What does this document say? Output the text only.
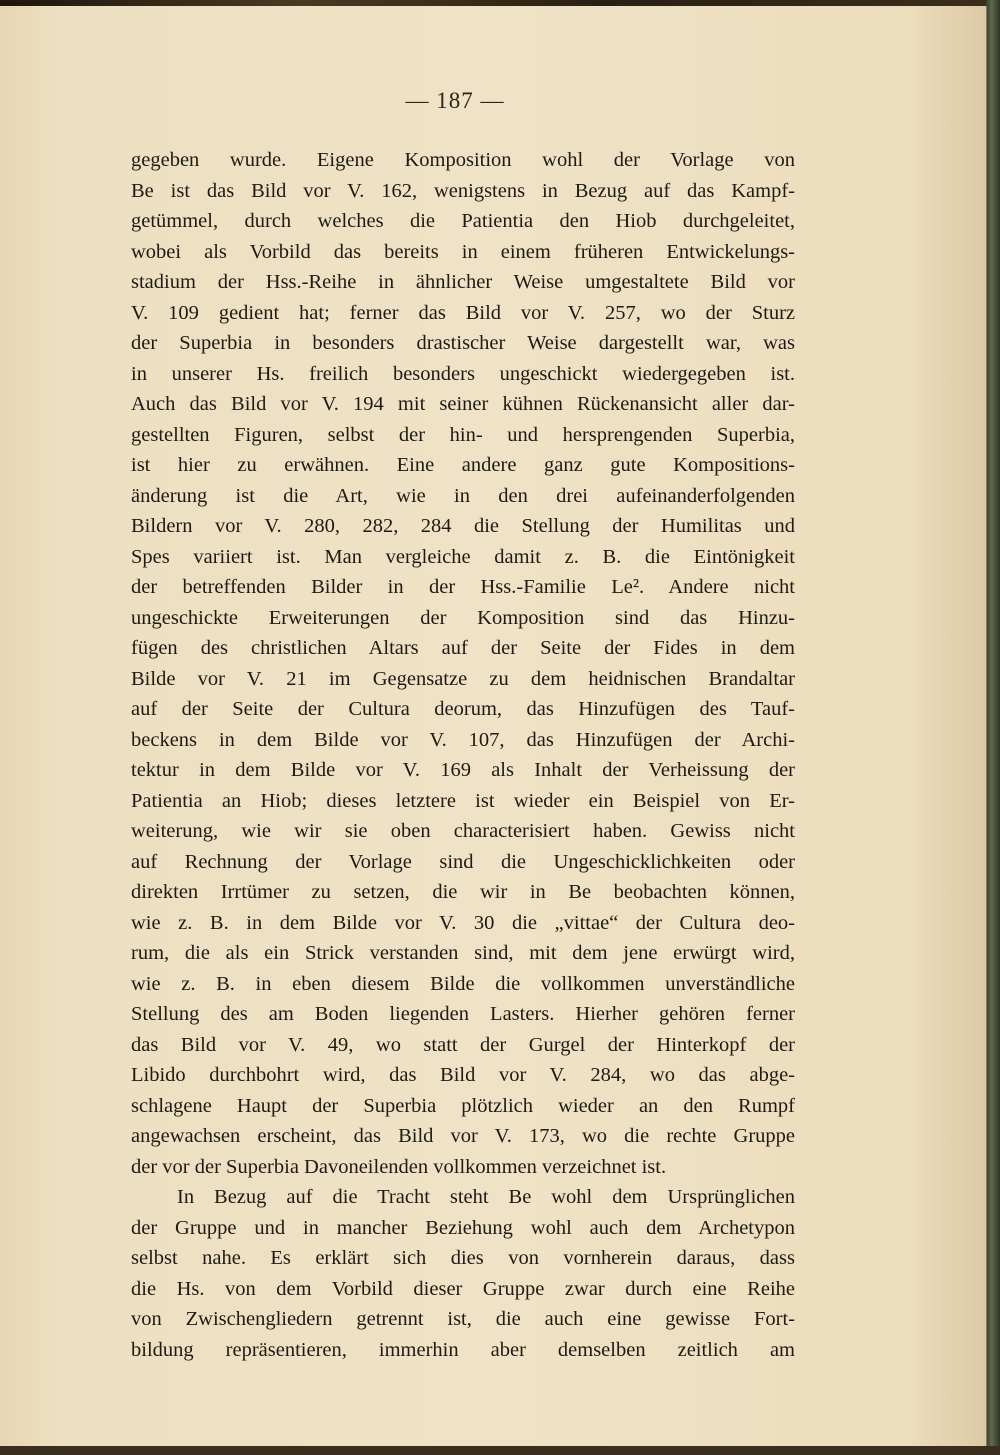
— 187 —
gegeben wurde. Eigene Komposition wohl der Vorlage von
Be ist das Bild vor V. 162, wenigstens in Bezug auf das Kampf-
getümmel, durch welches die Patientia den Hiob durchgeleitet,
wobei als Vorbild das bereits in einem früheren Entwickelungs-
stadium der Hss.-Reihe in ähnlicher Weise umgestaltete Bild vor
V. 109 gedient hat; ferner das Bild vor V. 257, wo der Sturz
der Superbia in besonders drastischer Weise dargestellt war, was
in unserer Hs. freilich besonders ungeschickt wiedergegeben ist.
Auch das Bild vor V. 194 mit seiner kühnen Rückenansicht aller dar-
gestellten Figuren, selbst der hin- und hersprengenden Superbia,
ist hier zu erwähnen. Eine andere ganz gute Kompositions-
änderung ist die Art, wie in den drei aufeinanderfolgenden
Bildern vor V. 280, 282, 284 die Stellung der Humilitas und
Spes variiert ist. Man vergleiche damit z. B. die Eintönigkeit
der betreffenden Bilder in der Hss.-Familie Le². Andere nicht
ungeschickte Erweiterungen der Komposition sind das Hinzu-
fügen des christlichen Altars auf der Seite der Fides in dem
Bilde vor V. 21 im Gegensatze zu dem heidnischen Brandaltar
auf der Seite der Cultura deorum, das Hinzufügen des Tauf-
beckens in dem Bilde vor V. 107, das Hinzufügen der Archi-
tektur in dem Bilde vor V. 169 als Inhalt der Verheissung der
Patientia an Hiob; dieses letztere ist wieder ein Beispiel von Er-
weiterung, wie wir sie oben characterisiert haben. Gewiss nicht
auf Rechnung der Vorlage sind die Ungeschicklichkeiten oder
direkten Irrtümer zu setzen, die wir in Be beobachten können,
wie z. B. in dem Bilde vor V. 30 die „vittae“ der Cultura deo-
rum, die als ein Strick verstanden sind, mit dem jene erwürgt wird,
wie z. B. in eben diesem Bilde die vollkommen unverständliche
Stellung des am Boden liegenden Lasters. Hierher gehören ferner
das Bild vor V. 49, wo statt der Gurgel der Hinterkopf der
Libido durchbohrt wird, das Bild vor V. 284, wo das abge-
schlagene Haupt der Superbia plötzlich wieder an den Rumpf
angewachsen erscheint, das Bild vor V. 173, wo die rechte Gruppe
der vor der Superbia Davoneilenden vollkommen verzeichnet ist.
In Bezug auf die Tracht steht Be wohl dem Ursprünglichen
der Gruppe und in mancher Beziehung wohl auch dem Archetypon
selbst nahe. Es erklärt sich dies von vornherein daraus, dass
die Hs. von dem Vorbild dieser Gruppe zwar durch eine Reihe
von Zwischengliedern getrennt ist, die auch eine gewisse Fort-
bildung repräsentieren, immerhin aber demselben zeitlich am
